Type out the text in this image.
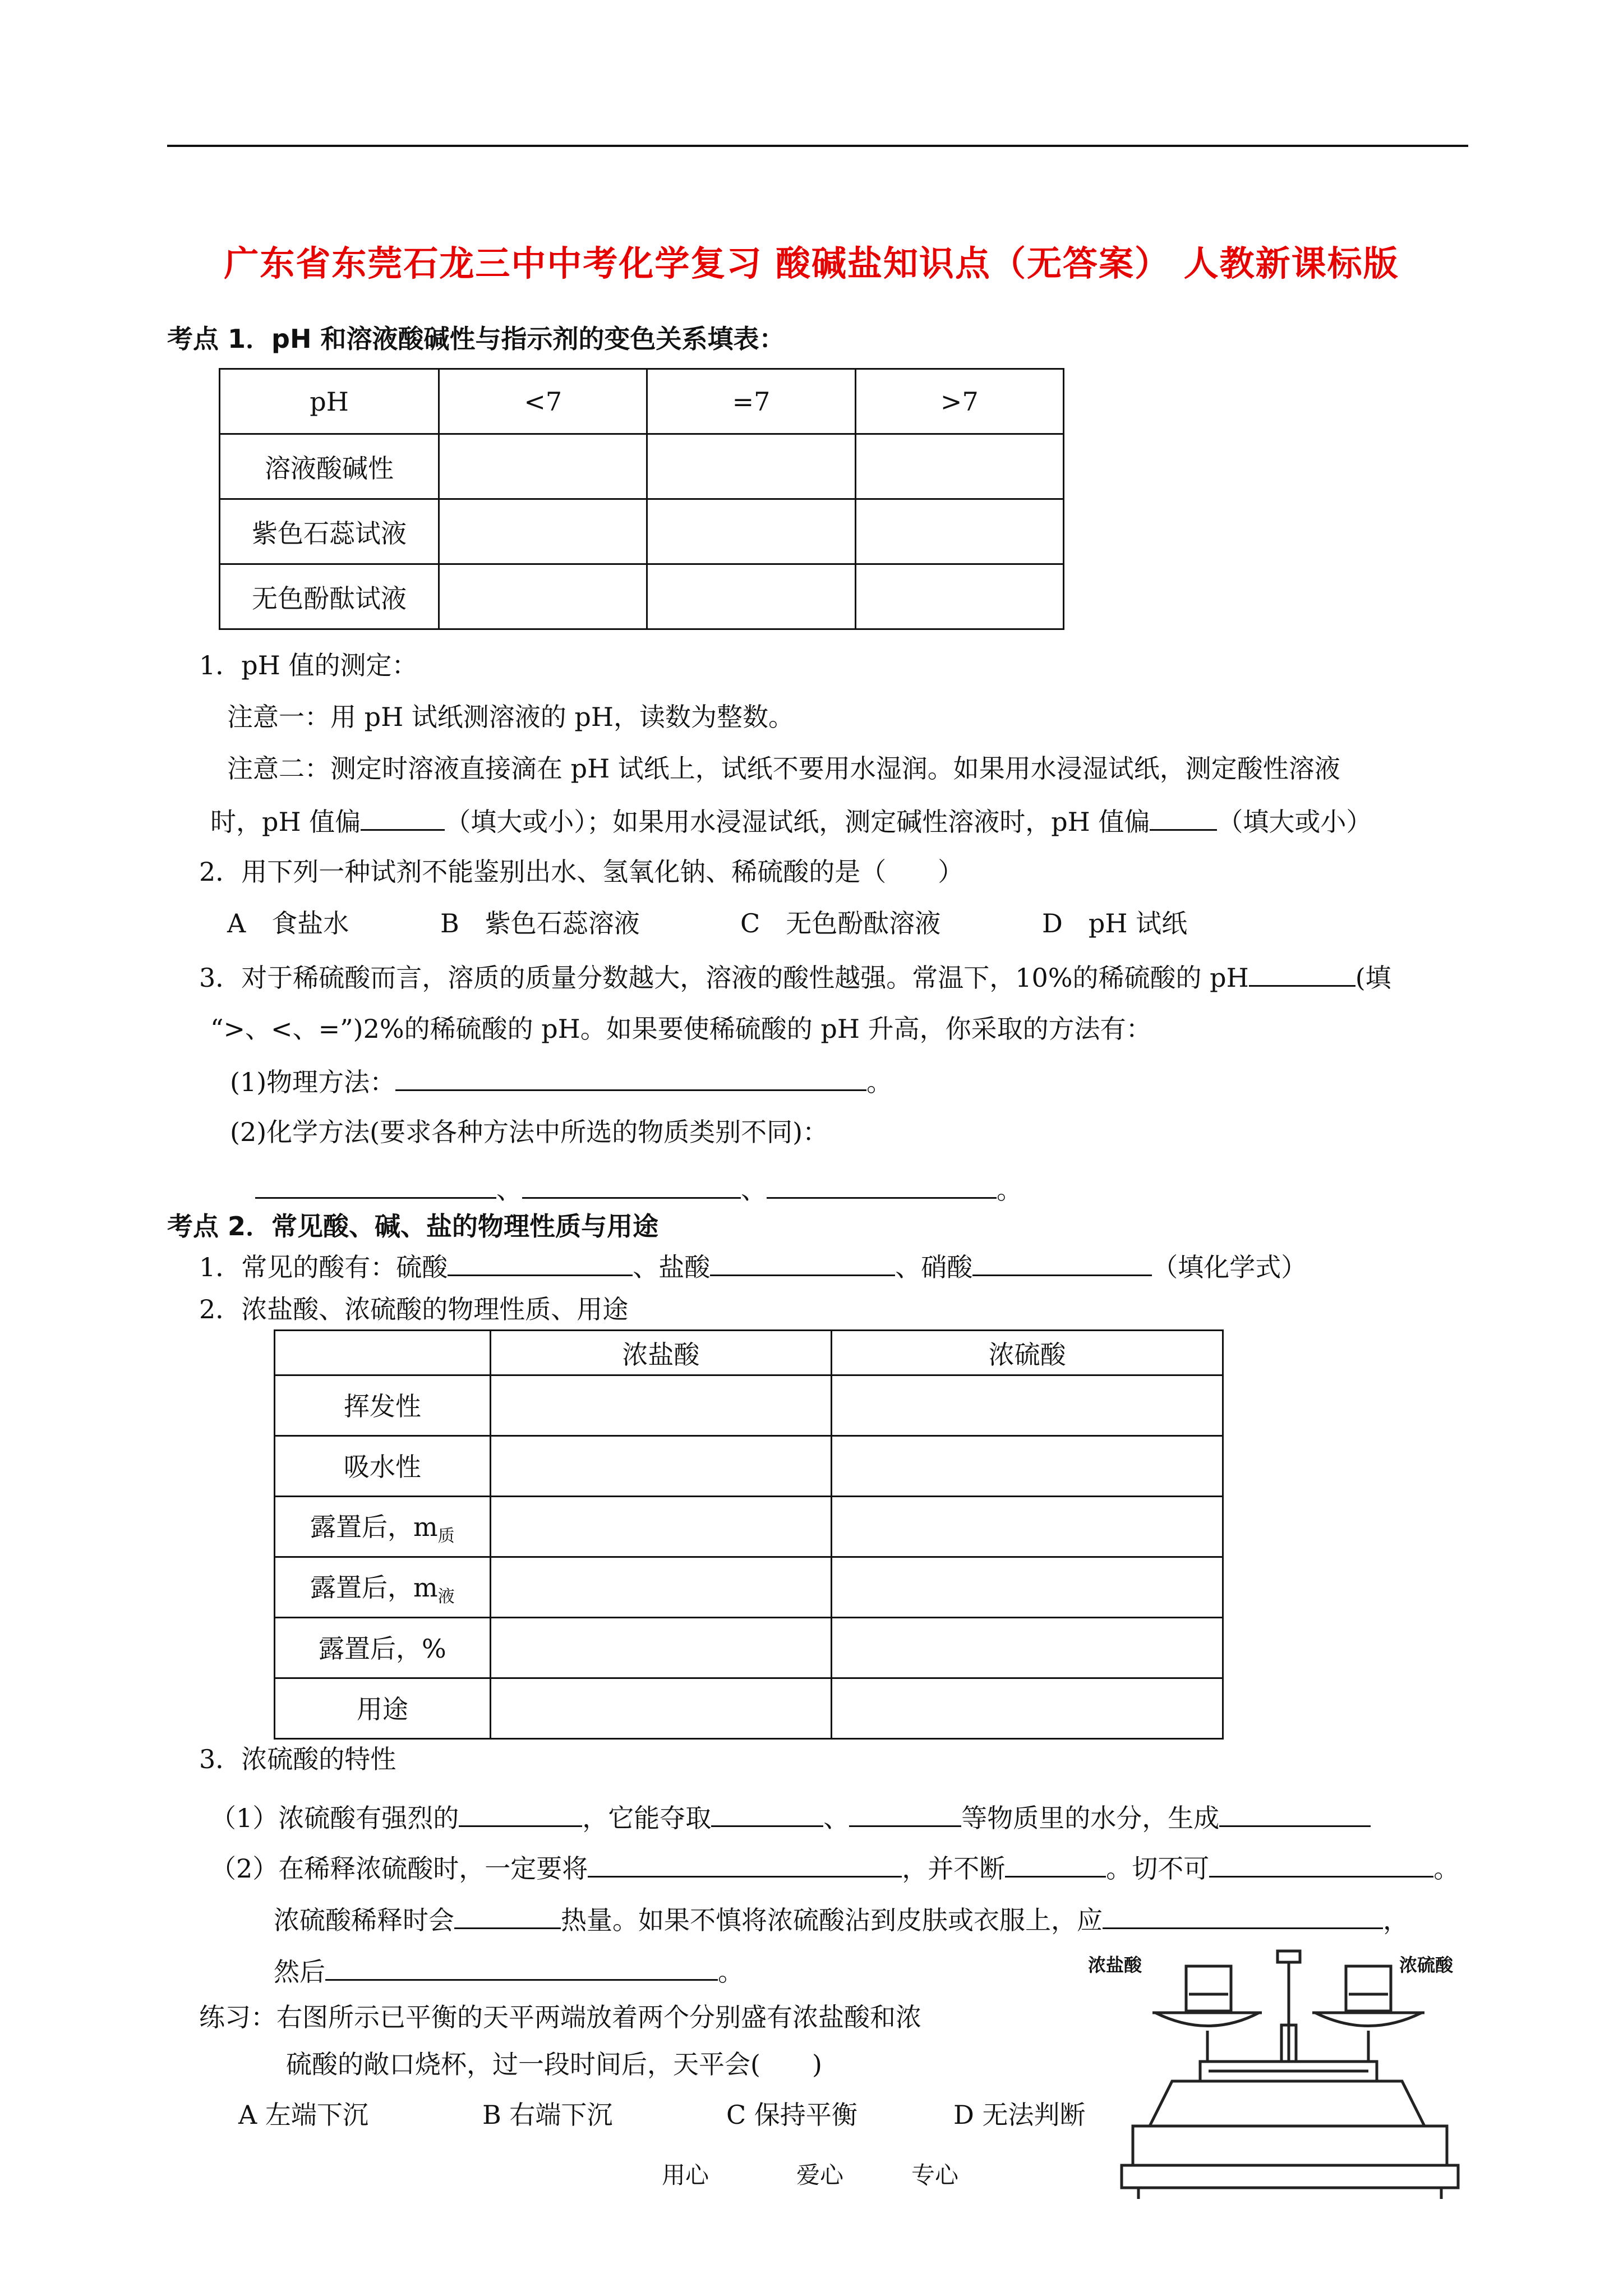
广东省东莞石龙三中中考化学复习 酸碱盐知识点（无答案） 人教新课标版
考点 1．pH 和溶液酸碱性与指示剂的变色关系填表：
pH	<7	=7	>7
溶液酸碱性			
紫色石蕊试液			
无色酚酞试液			
1．pH 值的测定：
注意一：用 pH 试纸测溶液的 pH，读数为整数。
注意二：测定时溶液直接滴在 pH 试纸上，试纸不要用水湿润。如果用水浸湿试纸，测定酸性溶液
时，pH 值偏	（填大或小）；如果用水浸湿试纸，测定碱性溶液时，pH 值偏	（填大或小）
2．用下列一种试剂不能鉴别出水、氢氧化钠、稀硫酸的是（　　）
A　食盐水	B　紫色石蕊溶液	C　无色酚酞溶液	D　pH 试纸
3．对于稀硫酸而言，溶质的质量分数越大，溶液的酸性越强。常温下，10%的稀硫酸的 pH	(填
“>、<、=”)2%的稀硫酸的 pH。如果要使稀硫酸的 pH 升高，你采取的方法有：
(1)物理方法：	。
(2)化学方法(要求各种方法中所选的物质类别不同)：
、	、	。
考点 2．常见酸、碱、盐的物理性质与用途
1．常见的酸有：硫酸	、盐酸	、硝酸	（填化学式）
2．浓盐酸、浓硫酸的物理性质、用途
	浓盐酸	浓硫酸
挥发性		
吸水性		
露置后，$m_质$		
露置后，$m_液$		
露置后，%		
用途		
3．浓硫酸的特性
（1）浓硫酸有强烈的	，它能夺取	、	等物质里的水分，生成
（2）在稀释浓硫酸时，一定要将	，并不断	。切不可	。
浓硫酸稀释时会	热量。如果不慎将浓硫酸沾到皮肤或衣服上，应	，
然后	。
练习：右图所示已平衡的天平两端放着两个分别盛有浓盐酸和浓
硫酸的敞口烧杯，过一段时间后，天平会(　　)
A 左端下沉	B 右端下沉	C 保持平衡	D 无法判断
浓盐酸	浓硫酸
用心	爱心	专心
